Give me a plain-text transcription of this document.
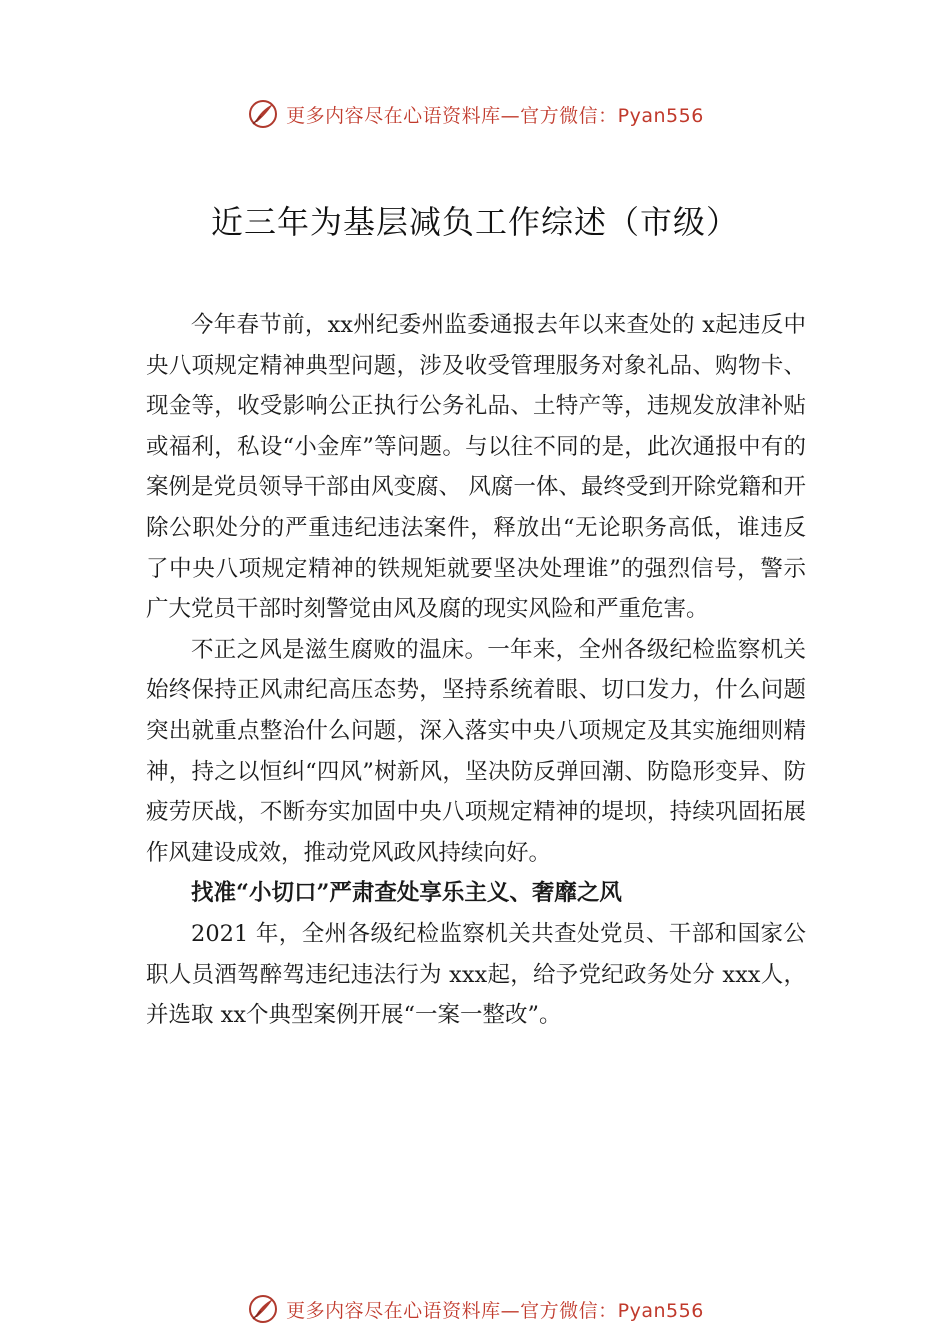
更多内容尽在心语资料库—官方微信：Pyan556
近三年为基层减负工作综述（市级）

今年春节前，xx州纪委州监委通报去年以来查处的 x起违反中央八项规定精神典型问题，涉及收受管理服务对象礼品、购物卡、现金等，收受影响公正执行公务礼品、土特产等，违规发放津补贴或福利，私设“小金库”等问题。与以往不同的是，此次通报中有的案例是党员领导干部由风变腐、 风腐一体、最终受到开除党籍和开除公职处分的严重违纪违法案件，释放出“无论职务高低，谁违反了中央八项规定精神的铁规矩就要坚决处理谁”的强烈信号，警示广大党员干部时刻警觉由风及腐的现实风险和严重危害。

不正之风是滋生腐败的温床。一年来，全州各级纪检监察机关始终保持正风肃纪高压态势，坚持系统着眼、切口发力，什么问题突出就重点整治什么问题，深入落实中央八项规定及其实施细则精神，持之以恒纠“四风”树新风，坚决防反弹回潮、防隐形变异、防疲劳厌战，不断夯实加固中央八项规定精神的堤坝，持续巩固拓展作风建设成效，推动党风政风持续向好。

找准“小切口”严肃查处享乐主义、奢靡之风

2021 年，全州各级纪检监察机关共查处党员、干部和国家公职人员酒驾醉驾违纪违法行为 xxx起，给予党纪政务处分 xxx人，并选取 xx个典型案例开展“一案一整改”。

更多内容尽在心语资料库—官方微信：Pyan556
